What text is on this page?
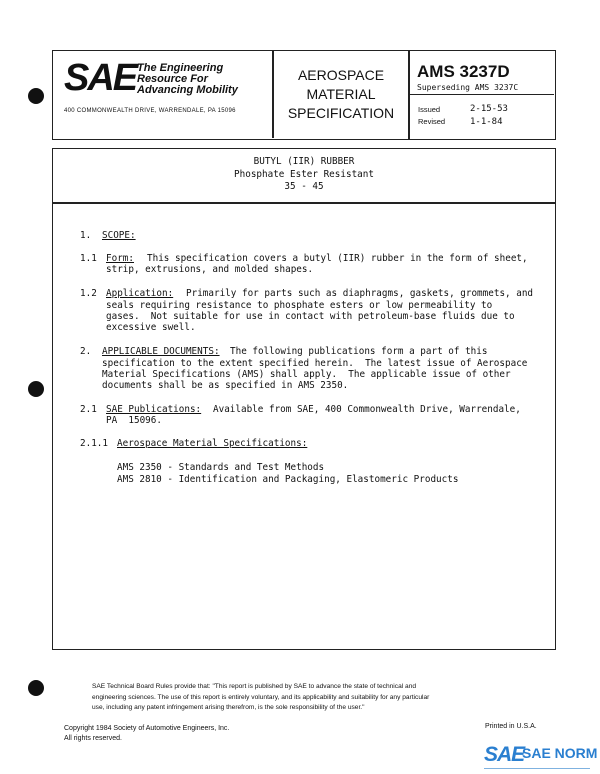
SAE The Engineering
Resource For
Advancing Mobility
400 COMMONWEALTH DRIVE, WARRENDALE, PA 15096
AEROSPACE
MATERIAL
SPECIFICATION
AMS 3237D
Superseding AMS 3237C
Issued	2-15-53
Revised	1-1-84
BUTYL (IIR) RUBBER
Phosphate Ester Resistant
35 - 45
1. SCOPE:
1.1 Form: This specification covers a butyl (IIR) rubber in the form of sheet,
strip, extrusions, and molded shapes.
1.2 Application: Primarily for parts such as diaphragms, gaskets, grommets, and
seals requiring resistance to phosphate esters or low permeability to
gases.  Not suitable for use in contact with petroleum-base fluids due to
excessive swell.
2. APPLICABLE DOCUMENTS: The following publications form a part of this
specification to the extent specified herein.  The latest issue of Aerospace
Material Specifications (AMS) shall apply.  The applicable issue of other
documents shall be as specified in AMS 2350.
2.1 SAE Publications: Available from SAE, 400 Commonwealth Drive, Warrendale,
PA  15096.
2.1.1 Aerospace Material Specifications:
AMS 2350 - Standards and Test Methods
AMS 2810 - Identification and Packaging, Elastomeric Products
SAE Technical Board Rules provide that: "This report is published by SAE to advance the state of technical and
engineering sciences. The use of this report is entirely voluntary, and its applicability and suitability for any particular
use, including any patent infringement arising therefrom, is the sole responsibility of the user."
Copyright 1984 Society of Automotive Engineers, Inc.
All rights reserved.
Printed in U.S.A.
SAE
SAE NORM
